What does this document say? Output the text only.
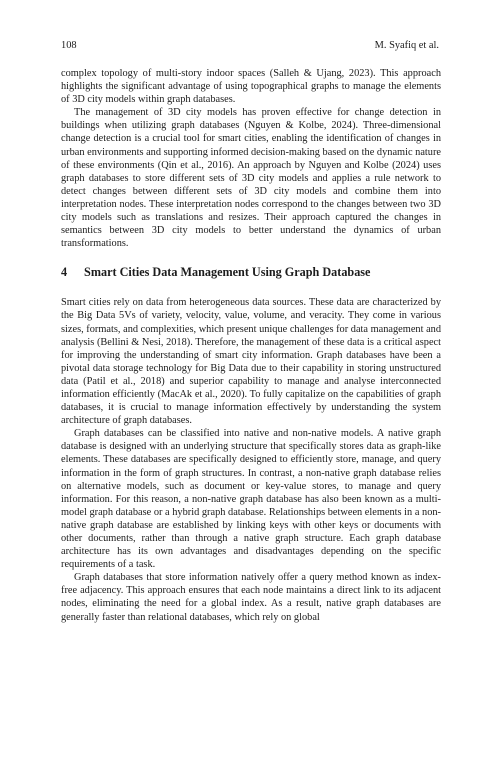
108	M. Syafiq et al.

complex topology of multi-story indoor spaces (Salleh & Ujang, 2023). This approach highlights the significant advantage of using topographical graphs to manage the elements of 3D city models within graph databases.

The management of 3D city models has proven effective for change detection in buildings when utilizing graph databases (Nguyen & Kolbe, 2024). Three-dimensional change detection is a crucial tool for smart cities, enabling the identification of changes in urban environments and supporting informed decision-making based on the dynamic nature of these environments (Qin et al., 2016). An approach by Nguyen and Kolbe (2024) uses graph databases to store different sets of 3D city models and applies a rule network to detect changes between different sets of 3D city models and combine them into interpretation nodes. These interpretation nodes correspond to the changes between two 3D city models such as translations and resizes. Their approach captured the changes in semantics between 3D city models to better understand the dynamics of urban transformations.

4 Smart Cities Data Management Using Graph Database

Smart cities rely on data from heterogeneous data sources. These data are characterized by the Big Data 5Vs of variety, velocity, value, volume, and veracity. They come in various sizes, formats, and complexities, which present unique challenges for data management and analysis (Bellini & Nesi, 2018). Therefore, the management of these data is a critical aspect for improving the understanding of smart city information. Graph databases have been a pivotal data storage technology for Big Data due to their capability in storing unstructured data (Patil et al., 2018) and superior capability to manage and analyse interconnected information efficiently (MacAk et al., 2020). To fully capitalize on the capabilities of graph databases, it is crucial to manage information effectively by understanding the system architecture of graph databases.

Graph databases can be classified into native and non-native models. A native graph database is designed with an underlying structure that specifically stores data as graph-like elements. These databases are specifically designed to efficiently store, manage, and query information in the form of graph structures. In contrast, a non-native graph database relies on alternative models, such as document or key-value stores, to manage and query information. For this reason, a non-native graph database has also been known as a multi-model graph database or a hybrid graph database. Relationships between elements in a non-native graph database are established by linking keys with other keys or documents with other documents, rather than through a native graph structure. Each graph database architecture has its own advantages and disadvantages depending on the specific requirements of a task.

Graph databases that store information natively offer a query method known as index-free adjacency. This approach ensures that each node maintains a direct link to its adjacent nodes, eliminating the need for a global index. As a result, native graph databases are generally faster than relational databases, which rely on global
